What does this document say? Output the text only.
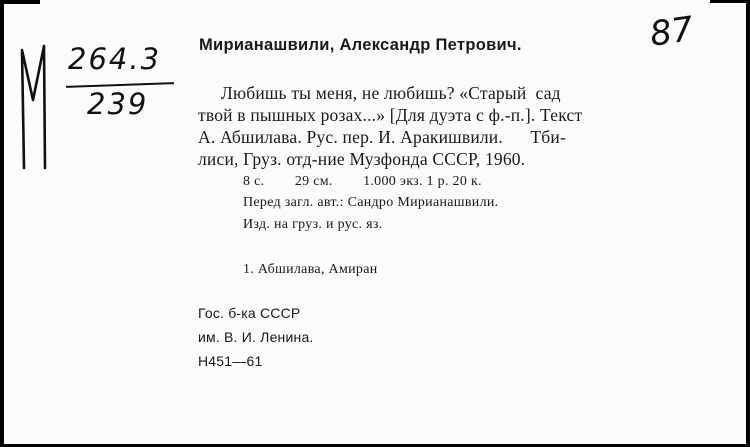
264.3
239
87
Мирианашвили, Александр Петрович.
Любишь ты меня, не любишь? «Старый  сад
твой в пышных розах...» [Для дуэта с ф.-п.]. Текст
А. Абшилава. Рус. пер. И. Аракишвили.      Тби-
лиси, Груз. отд-ние Музфонда СССР, 1960.
8 с.        29 см.        1.000 экз. 1 р. 20 к.
Перед загл. авт.: Сандро Мирианашвили.
Изд. на груз. и рус. яз.
1. Абшилава, Амиран
Гос. б-ка СССР
им. В. И. Ленина.
Н451—61
